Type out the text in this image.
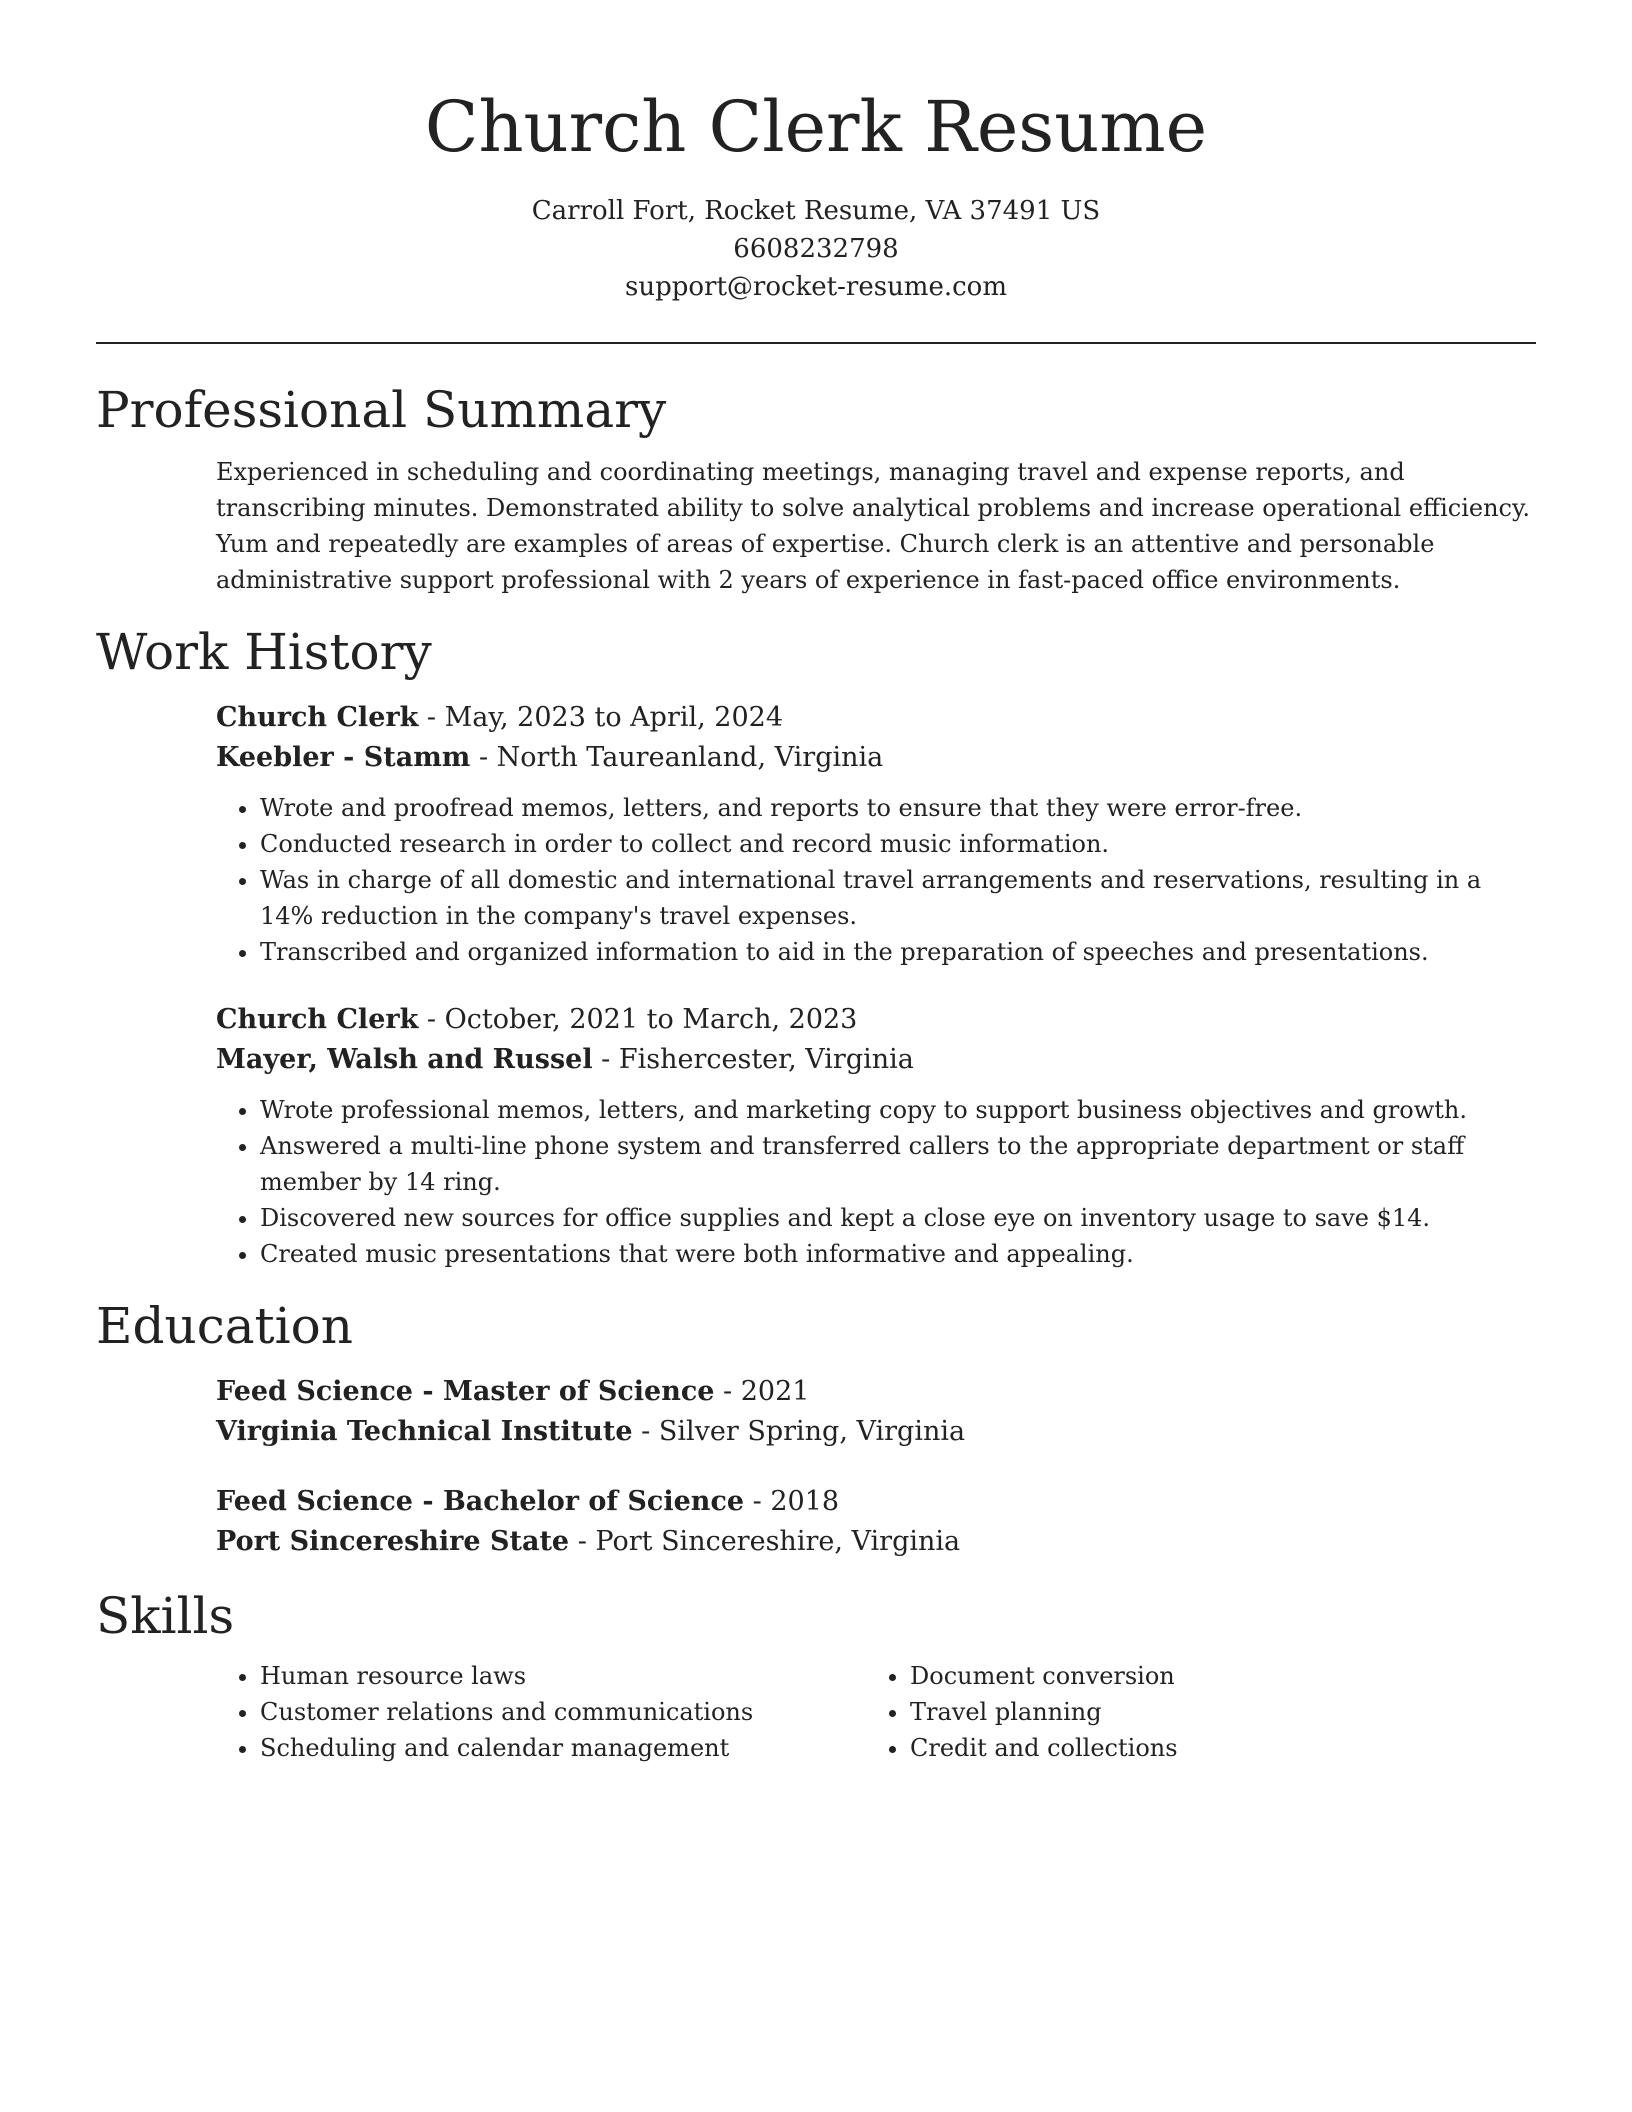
Church Clerk Resume
Carroll Fort, Rocket Resume, VA 37491 US
6608232798
support@rocket-resume.com
Professional Summary
Experienced in scheduling and coordinating meetings, managing travel and expense reports, and transcribing minutes. Demonstrated ability to solve analytical problems and increase operational efficiency. Yum and repeatedly are examples of areas of expertise. Church clerk is an attentive and personable administrative support professional with 2 years of experience in fast-paced office environments.
Work History
Church Clerk - May, 2023 to April, 2024
Keebler - Stamm - North Taureanland, Virginia
• Wrote and proofread memos, letters, and reports to ensure that they were error-free.
• Conducted research in order to collect and record music information.
• Was in charge of all domestic and international travel arrangements and reservations, resulting in a 14% reduction in the company's travel expenses.
• Transcribed and organized information to aid in the preparation of speeches and presentations.
Church Clerk - October, 2021 to March, 2023
Mayer, Walsh and Russel - Fishercester, Virginia
• Wrote professional memos, letters, and marketing copy to support business objectives and growth.
• Answered a multi-line phone system and transferred callers to the appropriate department or staff member by 14 ring.
• Discovered new sources for office supplies and kept a close eye on inventory usage to save $14.
• Created music presentations that were both informative and appealing.
Education
Feed Science - Master of Science - 2021
Virginia Technical Institute - Silver Spring, Virginia
Feed Science - Bachelor of Science - 2018
Port Sincereshire State - Port Sincereshire, Virginia
Skills
• Human resource laws
• Customer relations and communications
• Scheduling and calendar management
• Document conversion
• Travel planning
• Credit and collections
